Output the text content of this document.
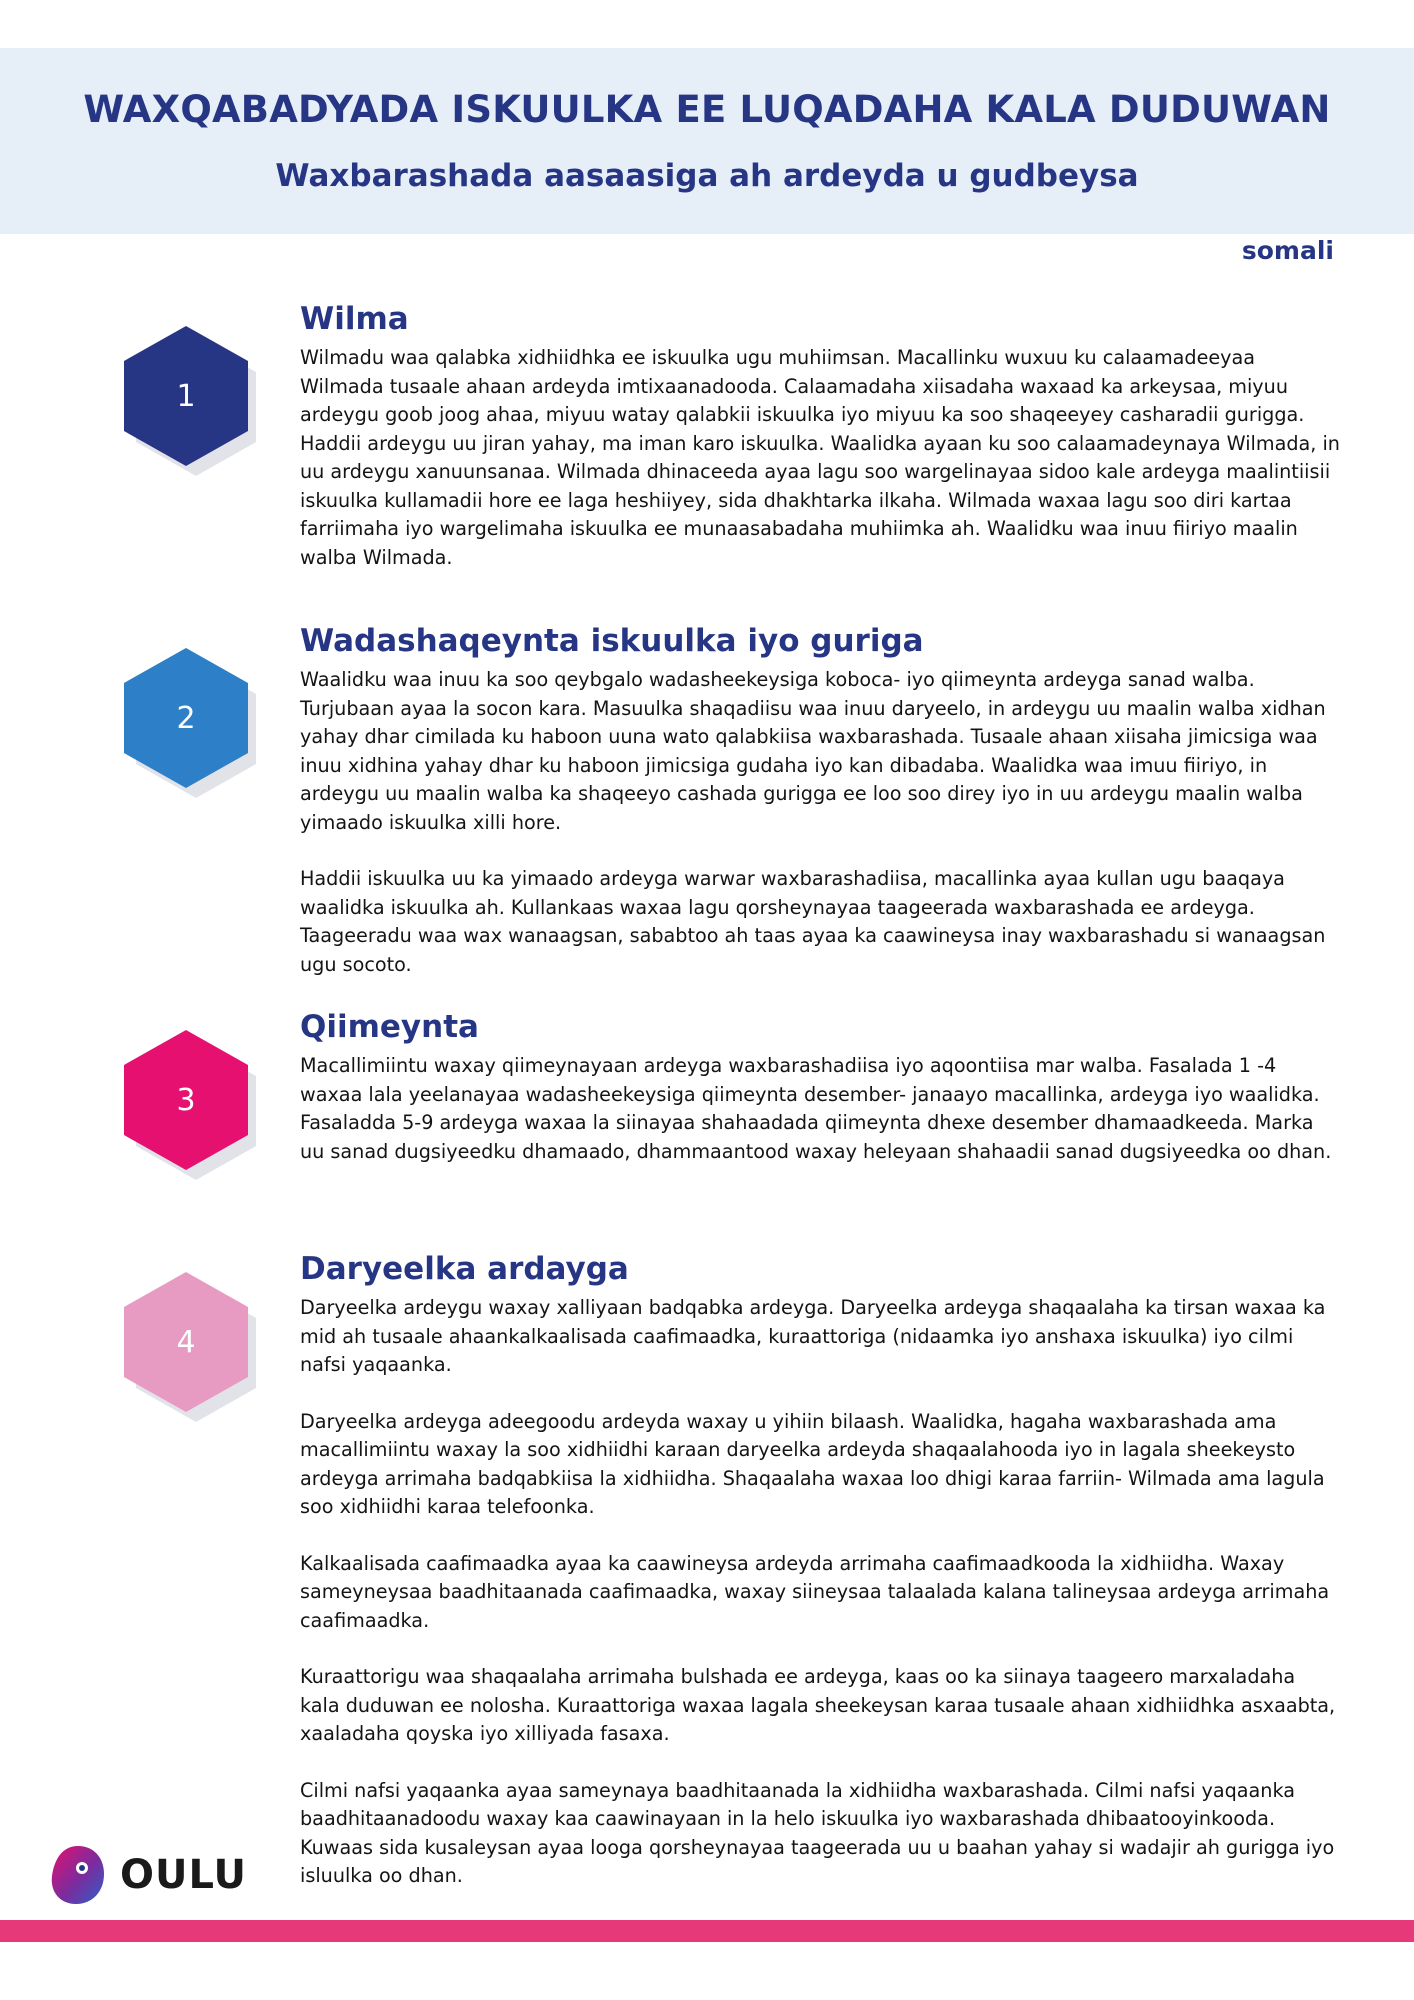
WAXQABADYADA ISKUULKA EE LUQADAHA KALA DUDUWAN
Waxbarashada aasaasiga ah ardeyda u gudbeysa
somali
1
Wilma

Wilmadu waa qalabka xidhiidhka ee iskuulka ugu muhiimsan. Macallinku wuxuu ku calaamadeeyaa Wilmada tusaale ahaan ardeyda imtixaanadooda. Calaamadaha xiisadaha waxaad ka arkeysaa, miyuu ardeygu goob joog ahaa, miyuu watay qalabkii iskuulka iyo miyuu ka soo shaqeeyey casharadii gurigga. Haddii ardeygu uu jiran yahay, ma iman karo iskuulka. Waalidka ayaan ku soo calaamadeynaya Wilmada, in uu ardeygu xanuunsanaa. Wilmada dhinaceeda ayaa lagu soo wargelinayaa sidoo kale ardeyga maalintiisii iskuulka kullamadii hore ee laga heshiiyey, sida dhakhtarka ilkaha. Wilmada waxaa lagu soo diri kartaa farriimaha iyo wargelimaha iskuulka ee munaasabadaha muhiimka ah. Waalidku waa inuu fiiriyo maalin walba Wilmada.

2
Wadashaqeynta iskuulka iyo guriga

Waalidku waa inuu ka soo qeybgalo wadasheekeysiga koboca- iyo qiimeynta ardeyga sanad walba. Turjubaan ayaa la socon kara. Masuulka shaqadiisu waa inuu daryeelo, in ardeygu uu maalin walba xidhan yahay dhar cimilada ku haboon uuna wato qalabkiisa waxbarashada. Tusaale ahaan xiisaha jimicsiga waa inuu xidhina yahay dhar ku haboon jimicsiga gudaha iyo kan dibadaba. Waalidka waa imuu fiiriyo, in ardeygu uu maalin walba ka shaqeeyo cashada gurigga ee loo soo direy iyo in uu ardeygu maalin walba yimaado iskuulka xilli hore.

Haddii iskuulka uu ka yimaado ardeyga warwar waxbarashadiisa, macallinka ayaa kullan ugu baaqaya waalidka iskuulka ah. Kullankaas waxaa lagu qorsheynayaa taageerada waxbarashada ee ardeyga. Taageeradu waa wax wanaagsan, sababtoo ah taas ayaa ka caawineysa inay waxbarashadu si wanaagsan ugu socoto.

3
Qiimeynta

Macallimiintu waxay qiimeynayaan ardeyga waxbarashadiisa iyo aqoontiisa mar walba. Fasalada 1 -4 waxaa lala yeelanayaa wadasheekeysiga qiimeynta desember- janaayo macallinka, ardeyga iyo waalidka. Fasaladda 5-9 ardeyga waxaa la siinayaa shahaadada qiimeynta dhexe desember dhamaadkeeda. Marka uu sanad dugsiyeedku dhamaado, dhammaantood waxay heleyaan shahaadii sanad dugsiyeedka oo dhan.

4
Daryeelka ardayga

Daryeelka ardeygu waxay xalliyaan badqabka ardeyga. Daryeelka ardeyga shaqaalaha ka tirsan waxaa ka mid ah tusaale ahaankalkaalisada caafimaadka, kuraattoriga (nidaamka iyo anshaxa iskuulka) iyo cilmi nafsi yaqaanka.

Daryeelka ardeyga adeegoodu ardeyda waxay u yihiin bilaash. Waalidka, hagaha waxbarashada ama macallimiintu waxay la soo xidhiidhi karaan daryeelka ardeyda shaqaalahooda iyo in lagala sheekeysto ardeyga arrimaha badqabkiisa la xidhiidha. Shaqaalaha waxaa loo dhigi karaa farriin- Wilmada ama lagula soo xidhiidhi karaa telefoonka.

Kalkaalisada caafimaadka ayaa ka caawineysa ardeyda arrimaha caafimaadkooda la xidhiidha. Waxay sameyneysaa baadhitaanada caafimaadka, waxay siineysaa talaalada kalana talineysaa ardeyga arrimaha caafimaadka.

Kuraattorigu waa shaqaalaha arrimaha bulshada ee ardeyga, kaas oo ka siinaya taageero marxaladaha kala duduwan ee nolosha. Kuraattoriga waxaa lagala sheekeysan karaa tusaale ahaan xidhiidhka asxaabta, xaaladaha qoyska iyo xilliyada fasaxa.

Cilmi nafsi yaqaanka ayaa sameynaya baadhitaanada la xidhiidha waxbarashada. Cilmi nafsi yaqaanka baadhitaanadoodu waxay kaa caawinayaan in la helo iskuulka iyo waxbarashada dhibaatooyinkooda. Kuwaas sida kusaleysan ayaa looga qorsheynayaa taageerada uu u baahan yahay si wadajir ah gurigga iyo isluulka oo dhan.

OULU
